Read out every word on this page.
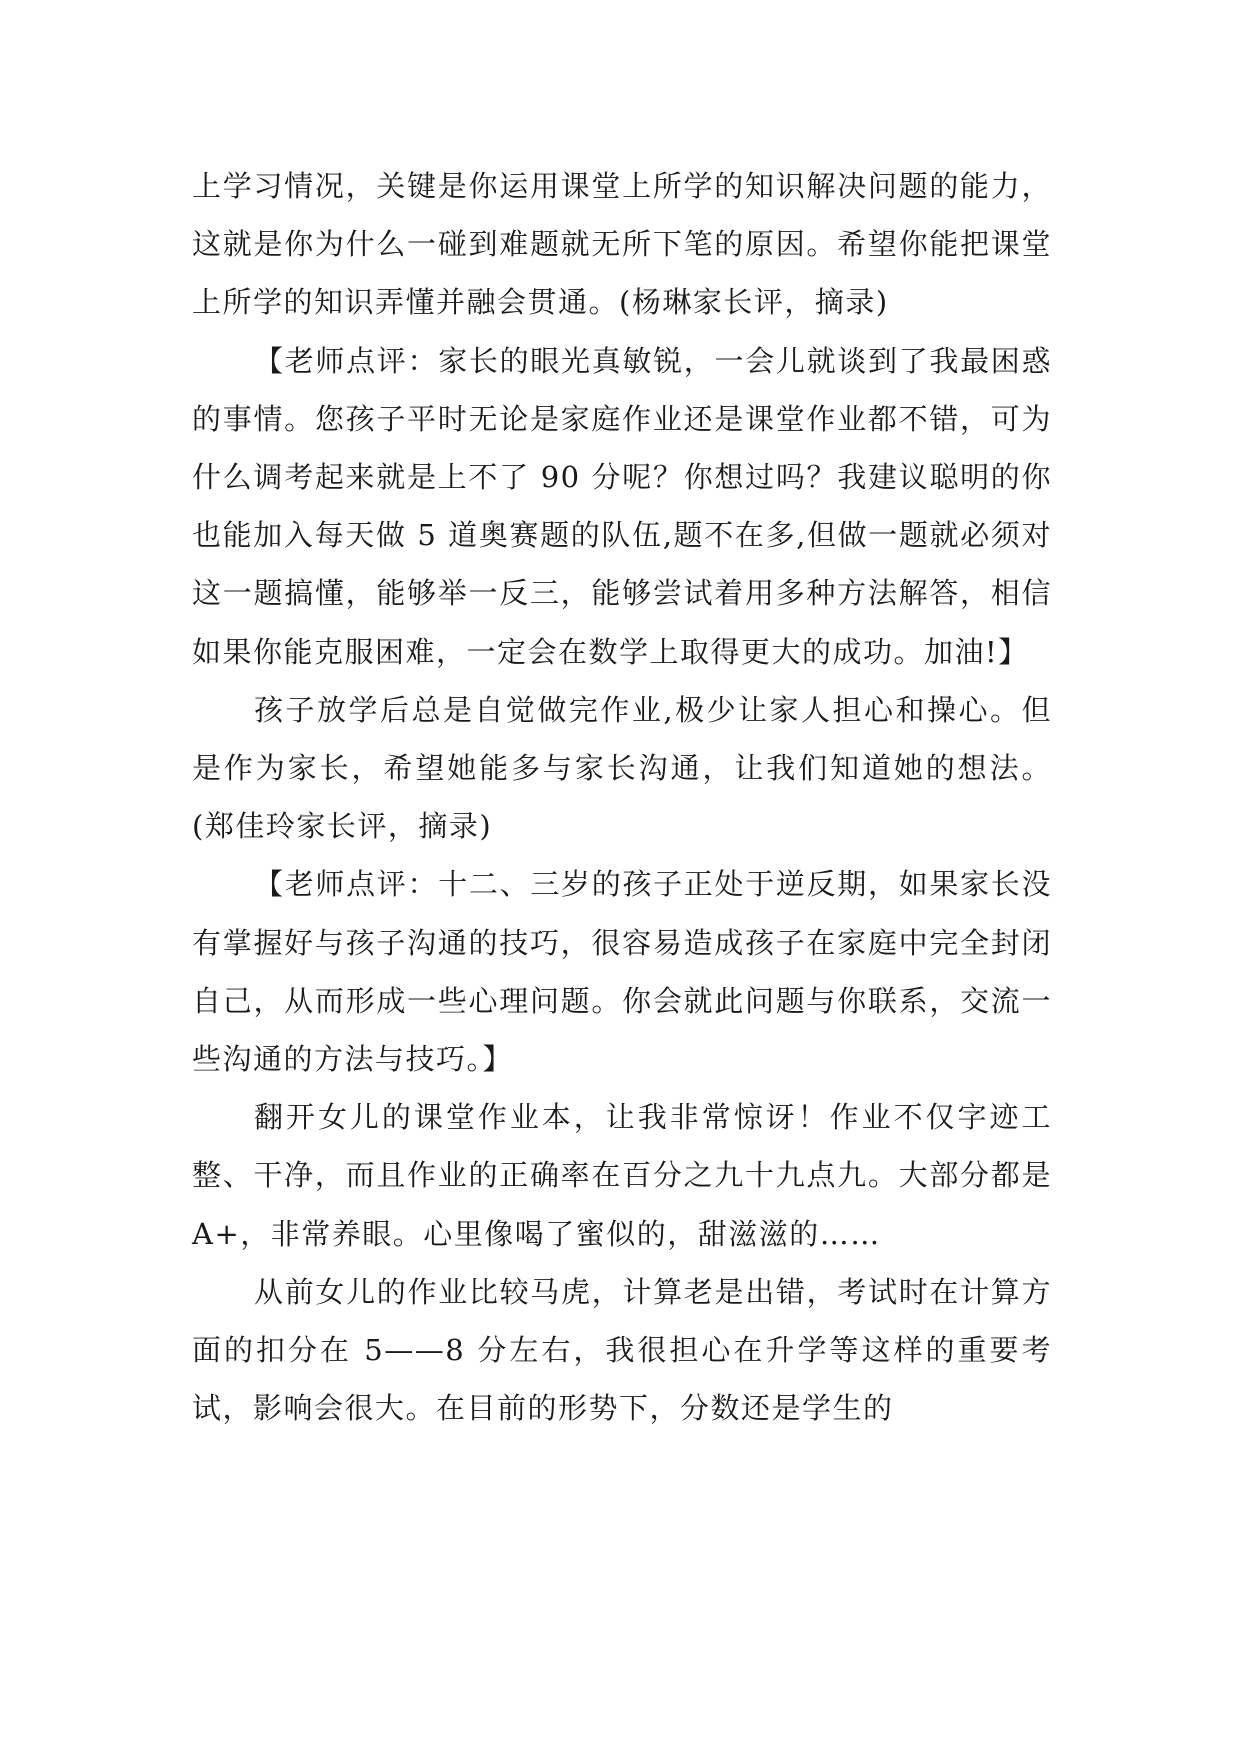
上学习情况，关键是你运用课堂上所学的知识解决问题的能力，这就是你为什么一碰到难题就无所下笔的原因。希望你能把课堂上所学的知识弄懂并融会贯通。(杨琳家长评，摘录)

【老师点评：家长的眼光真敏锐，一会儿就谈到了我最困惑的事情。您孩子平时无论是家庭作业还是课堂作业都不错，可为什么调考起来就是上不了 90 分呢？你想过吗？我建议聪明的你也能加入每天做 5 道奥赛题的队伍,题不在多,但做一题就必须对这一题搞懂，能够举一反三，能够尝试着用多种方法解答，相信如果你能克服困难，一定会在数学上取得更大的成功。加油!】

孩子放学后总是自觉做完作业,极少让家人担心和操心。但是作为家长，希望她能多与家长沟通，让我们知道她的想法。(郑佳玲家长评，摘录)

【老师点评：十二、三岁的孩子正处于逆反期，如果家长没有掌握好与孩子沟通的技巧，很容易造成孩子在家庭中完全封闭自己，从而形成一些心理问题。你会就此问题与你联系，交流一些沟通的方法与技巧。】

翻开女儿的课堂作业本，让我非常惊讶！作业不仅字迹工整、干净，而且作业的正确率在百分之九十九点九。大部分都是 A+，非常养眼。心里像喝了蜜似的，甜滋滋的……

从前女儿的作业比较马虎，计算老是出错，考试时在计算方面的扣分在 5——8 分左右，我很担心在升学等这样的重要考试，影响会很大。在目前的形势下，分数还是学生的
